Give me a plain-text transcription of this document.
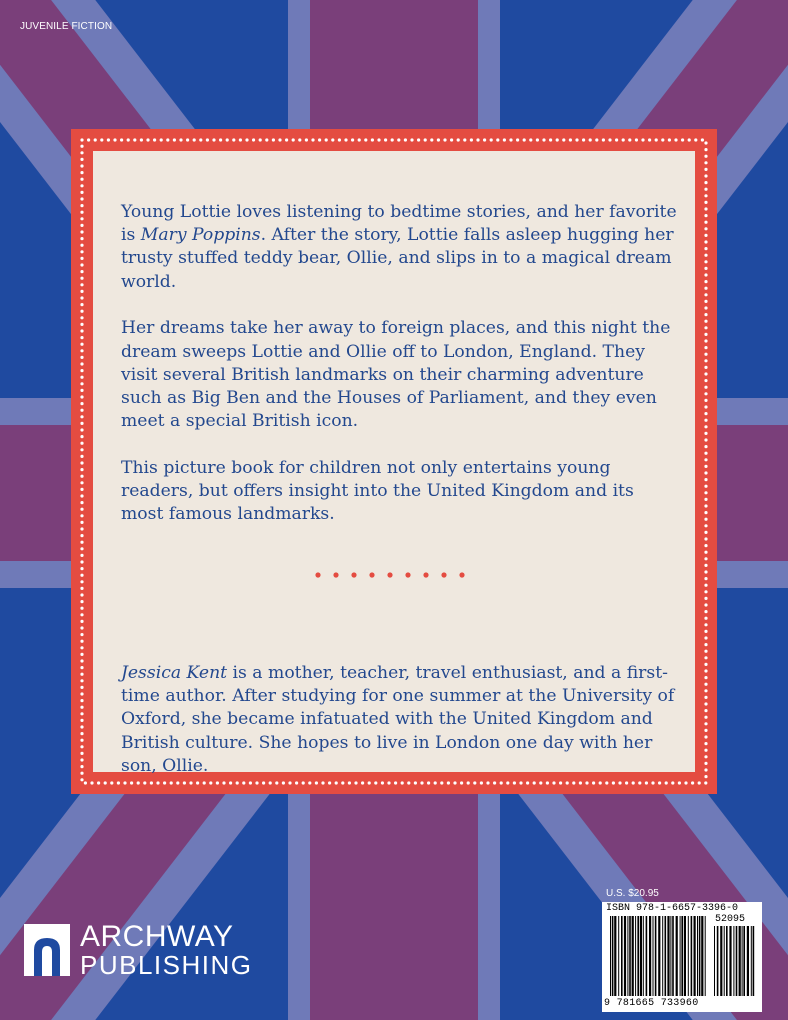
JUVENILE FICTION

Young Lottie loves listening to bedtime stories, and her favorite is Mary Poppins. After the story, Lottie falls asleep hugging her trusty stuffed teddy bear, Ollie, and slips in to a magical dream world.

Her dreams take her away to foreign places, and this night the dream sweeps Lottie and Ollie off to London, England. They visit several British landmarks on their charming adventure such as Big Ben and the Houses of Parliament, and they even meet a special British icon.

This picture book for children not only entertains young readers, but offers insight into the United Kingdom and its most famous landmarks.

Jessica Kent is a mother, teacher, travel enthusiast, and a first-time author. After studying for one summer at the University of Oxford, she became infatuated with the United Kingdom and British culture. She hopes to live in London one day with her son, Ollie.

ARCHWAY
PUBLISHING
U.S. $20.95
ISBN 978-1-6657-3396-0
52095
9 781665 733960
